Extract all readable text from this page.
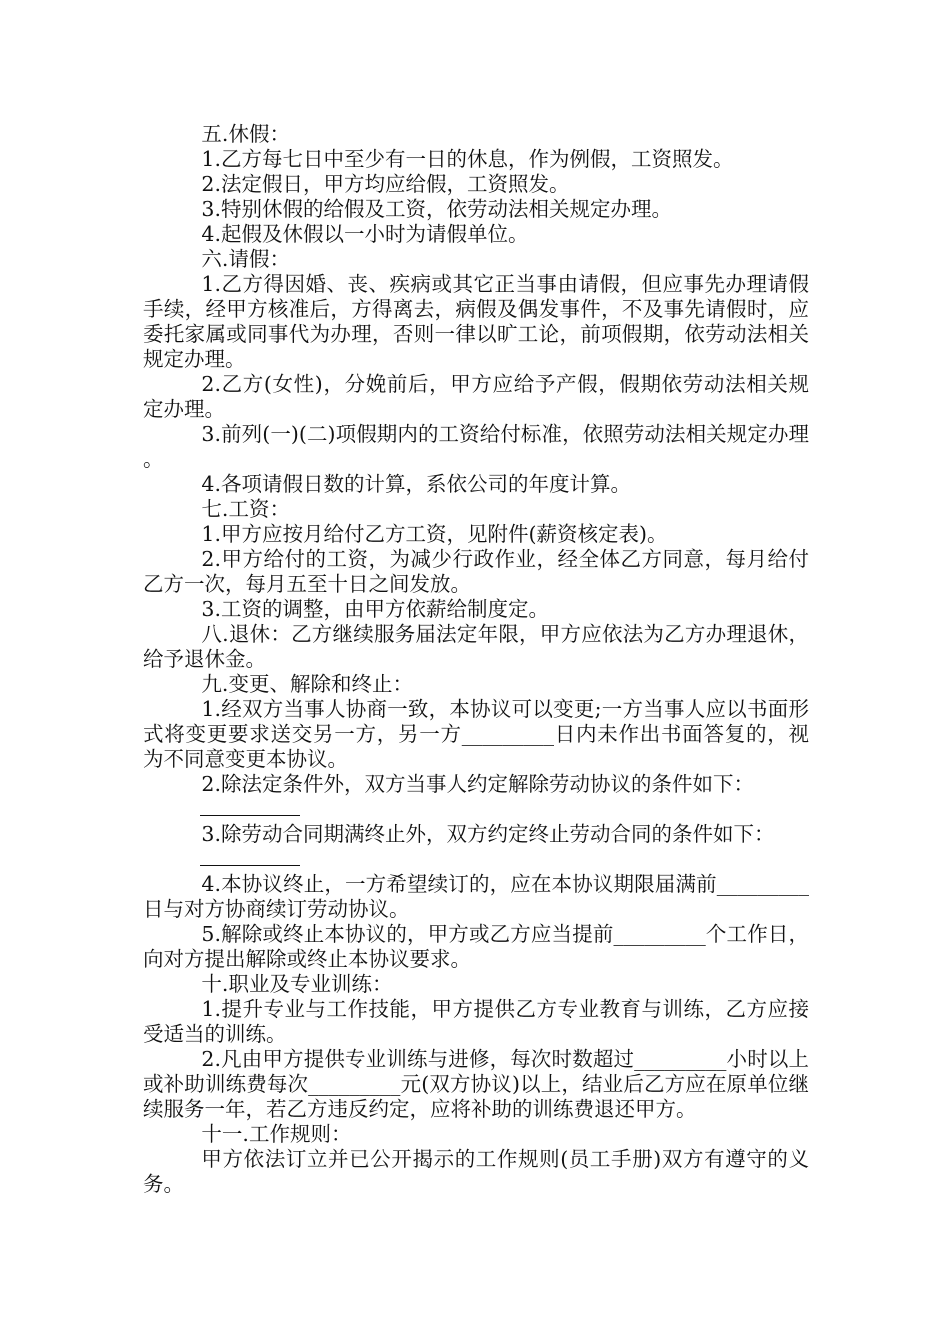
五.休假：

1.乙方每七日中至少有一日的休息，作为例假，工资照发。

2.法定假日，甲方均应给假，工资照发。

3.特别休假的给假及工资，依劳动法相关规定办理。

4.起假及休假以一小时为请假单位。

六.请假：

1.乙方得因婚、丧、疾病或其它正当事由请假，但应事先办理请假手续，经甲方核准后，方得离去，病假及偶发事件，不及事先请假时，应委托家属或同事代为办理，否则一律以旷工论，前项假期，依劳动法相关规定办理。

2.乙方(女性)，分娩前后，甲方应给予产假，假期依劳动法相关规定办理。

3.前列(一)(二)项假期内的工资给付标准，依照劳动法相关规定办理。

4.各项请假日数的计算，系依公司的年度计算。

七.工资：

1.甲方应按月给付乙方工资，见附件(薪资核定表)。

2.甲方给付的工资，为减少行政作业，经全体乙方同意，每月给付乙方一次，每月五至十日之间发放。

3.工资的调整，由甲方依薪给制度定。

八.退休：乙方继续服务届法定年限，甲方应依法为乙方办理退休，给予退休金。

九.变更、解除和终止：

1.经双方当事人协商一致，本协议可以变更;一方当事人应以书面形式将变更要求送交另一方，另一方_________日内未作出书面答复的，视为不同意变更本协议。

2.除法定条件外，双方当事人约定解除劳动协议的条件如下：

3.除劳动合同期满终止外，双方约定终止劳动合同的条件如下：

4.本协议终止，一方希望续订的，应在本协议期限届满前_________日与对方协商续订劳动协议。

5.解除或终止本协议的，甲方或乙方应当提前_________个工作日，向对方提出解除或终止本协议要求。

十.职业及专业训练：

1.提升专业与工作技能，甲方提供乙方专业教育与训练，乙方应接受适当的训练。

2.凡由甲方提供专业训练与进修，每次时数超过_________小时以上或补助训练费每次_________元(双方协议)以上，结业后乙方应在原单位继续服务一年，若乙方违反约定，应将补助的训练费退还甲方。

十一.工作规则：

甲方依法订立并已公开揭示的工作规则(员工手册)双方有遵守的义务。
